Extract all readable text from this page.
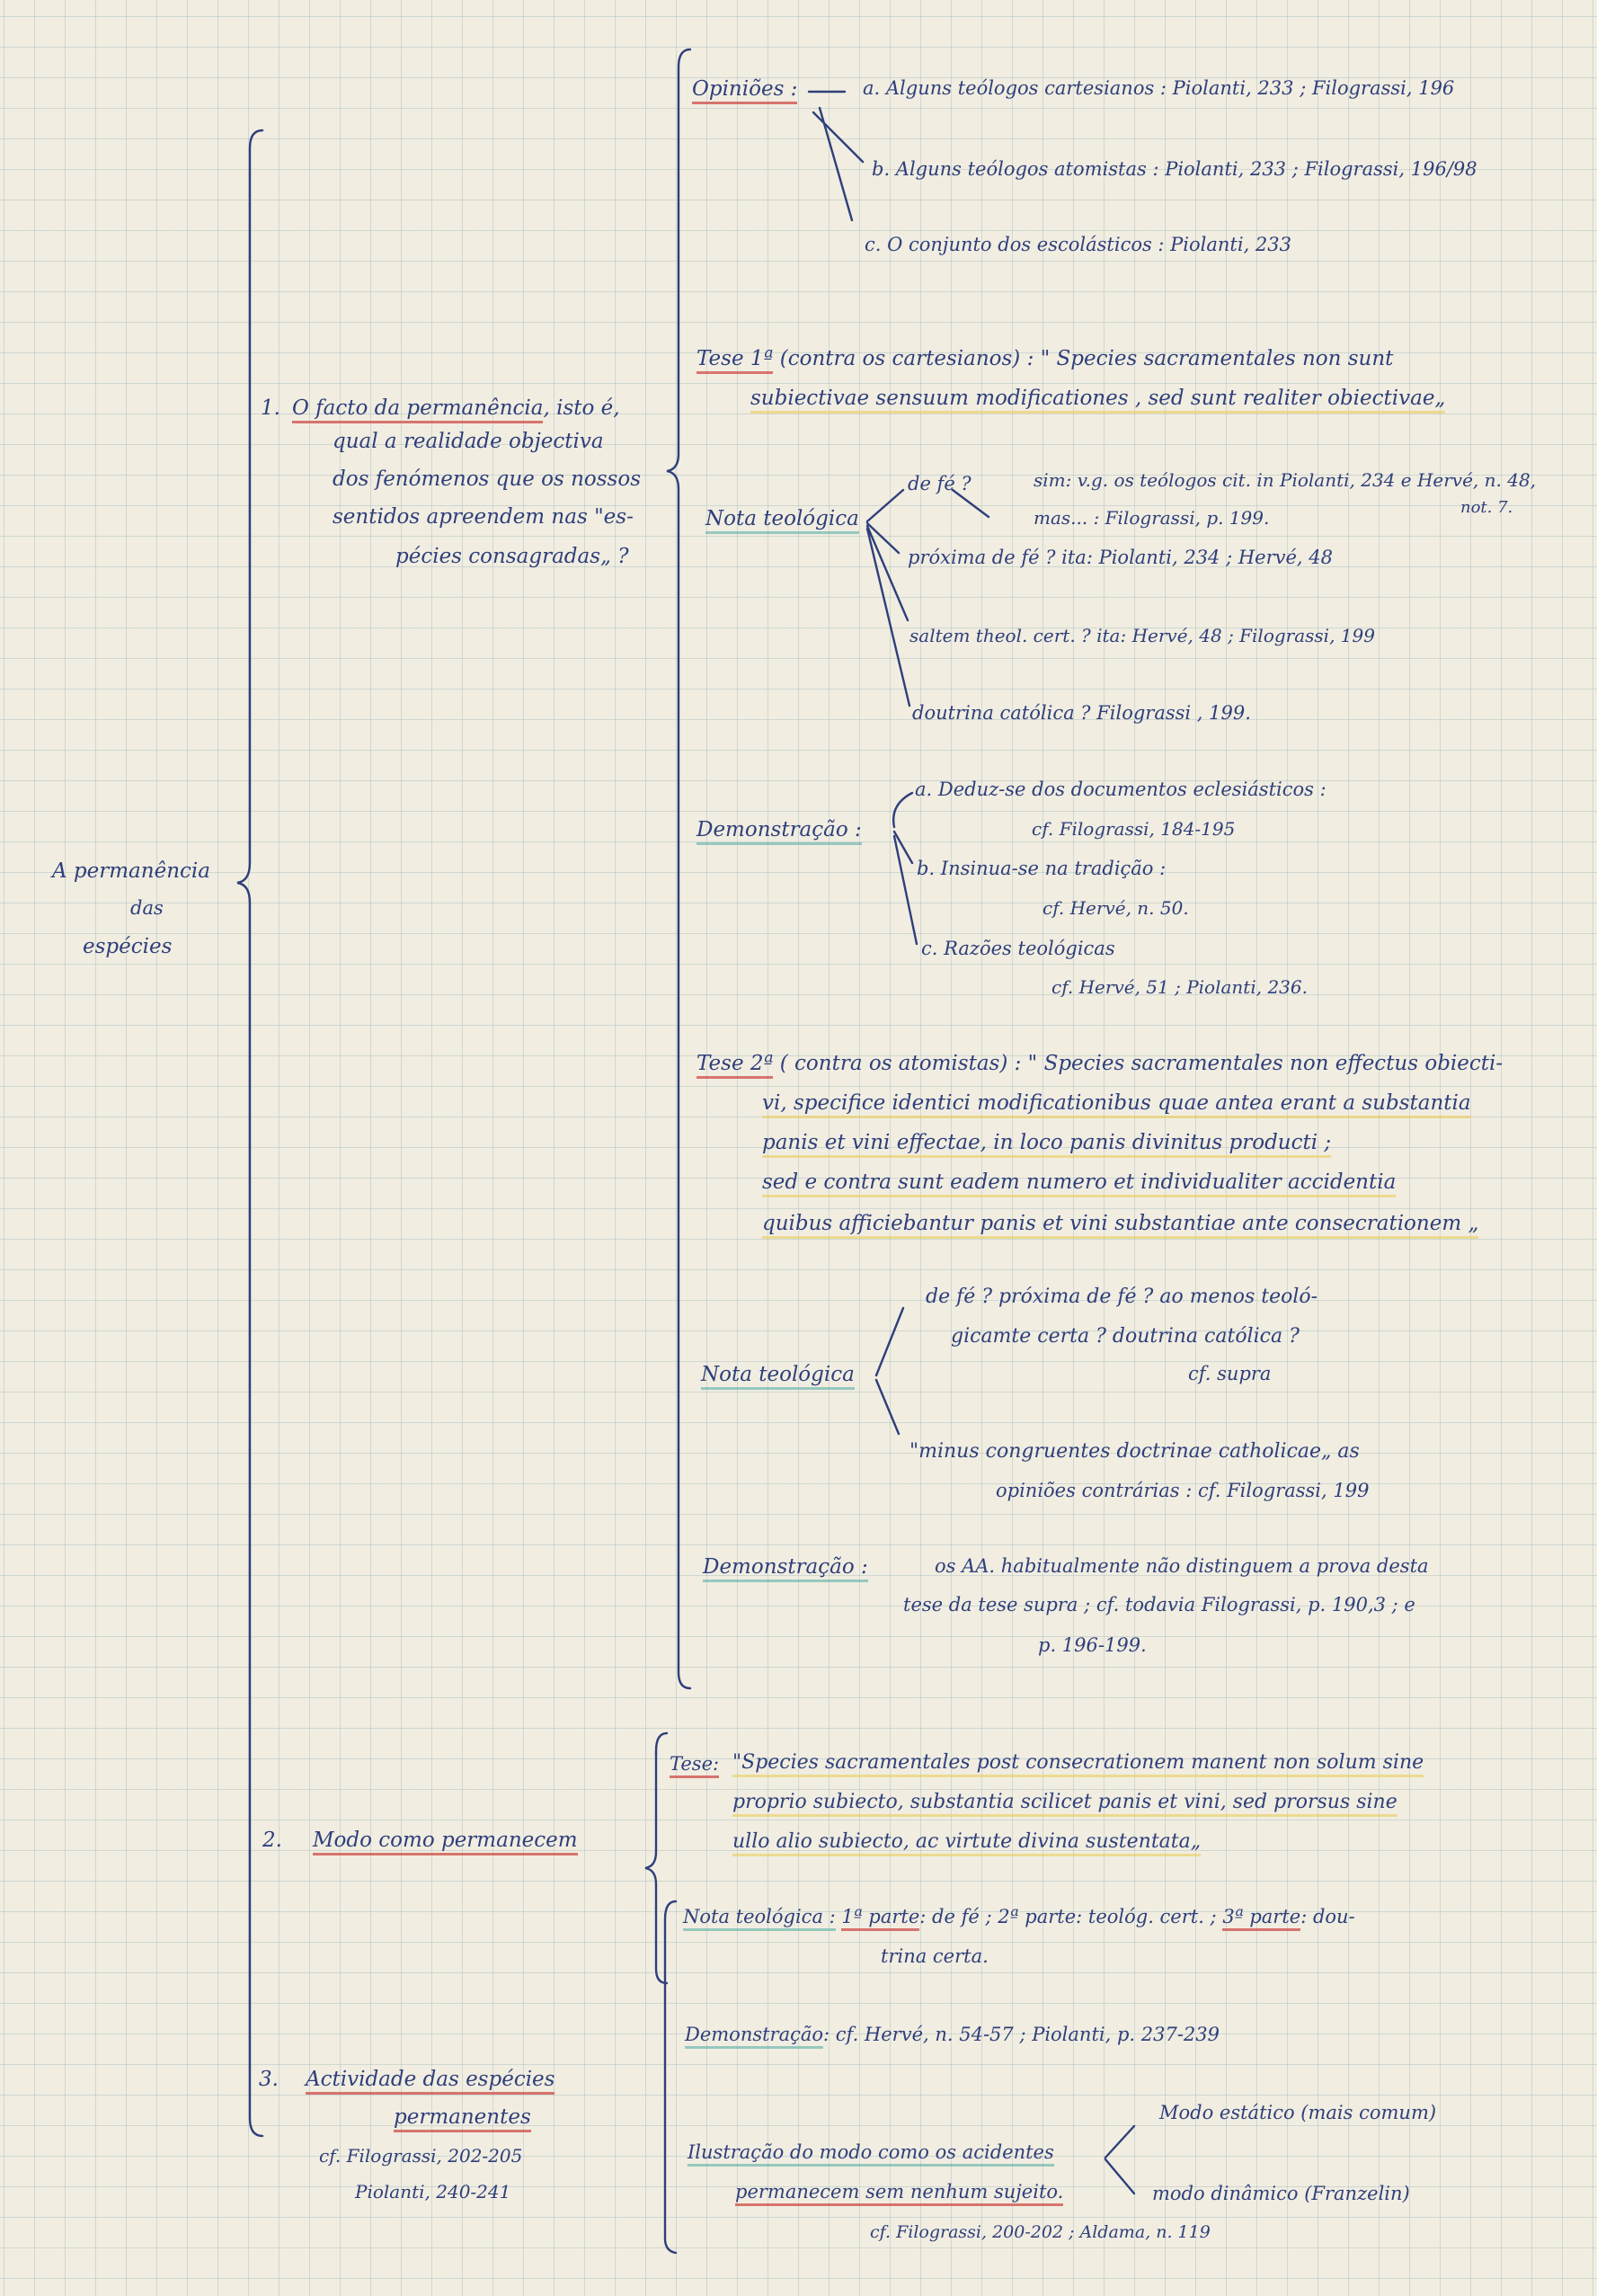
A permanência
das
espécies
1. O facto da permanência, isto é,
qual a realidade objectiva
dos fenómenos que os nossos
sentidos apreendem nas "es-
pécies consagradas„ ?
Opiniões :	a. Alguns teólogos cartesianos : Piolanti, 233 ; Filograssi, 196
b. Alguns teólogos atomistas : Piolanti, 233 ; Filograssi, 196/98
c. O conjunto dos escolásticos : Piolanti, 233
Tese 1ª (contra os cartesianos) : " Species sacramentales non sunt
subiectivae sensuum modificationes , sed sunt realiter obiectivae„
Nota teológica
de fé ?	sim: v.g. os teólogos cit. in Piolanti, 234 e Hervé, n. 48,
not. 7.
mas... : Filograssi, p. 199.
próxima de fé ? ita: Piolanti, 234 ; Hervé, 48
saltem theol. cert. ? ita: Hervé, 48 ; Filograssi, 199
doutrina católica ? Filograssi , 199.
Demonstração :
a. Deduz-se dos documentos eclesiásticos :
cf. Filograssi, 184-195
b. Insinua-se na tradição :
cf. Hervé, n. 50.
c. Razões teológicas
cf. Hervé, 51 ; Piolanti, 236.
Tese 2ª ( contra os atomistas) : " Species sacramentales non effectus obiecti-
vi, specifice identici modificationibus quae antea erant a substantia
panis et vini effectae, in loco panis divinitus producti ;
sed e contra sunt eadem numero et individualiter accidentia
quibus afficiebantur panis et vini substantiae ante consecrationem „
Nota teológica
de fé ? próxima de fé ? ao menos teoló-
gicamte certa ? doutrina católica ?
cf. supra
"minus congruentes doctrinae catholicae„ as
opiniões contrárias : cf. Filograssi, 199
Demonstração :	os AA. habitualmente não distinguem a prova desta
tese da tese supra ; cf. todavia Filograssi, p. 190,3 ; e
p. 196-199.
2. Modo como permanecem
Tese: "Species sacramentales post consecrationem manent non solum sine
proprio subiecto, substantia scilicet panis et vini, sed prorsus sine
ullo alio subiecto, ac virtute divina sustentata„
Nota teológica : 1ª parte: de fé ; 2ª parte: teológ. cert. ; 3ª parte: dou-
trina certa.
Demonstração: cf. Hervé, n. 54-57 ; Piolanti, p. 237-239
3. Actividade das espécies
permanentes
cf. Filograssi, 202-205
Piolanti, 240-241
Ilustração do modo como os acidentes
permanecem sem nenhum sujeito.
Modo estático (mais comum)
modo dinâmico (Franzelin)
cf. Filograssi, 200-202 ; Aldama, n. 119
